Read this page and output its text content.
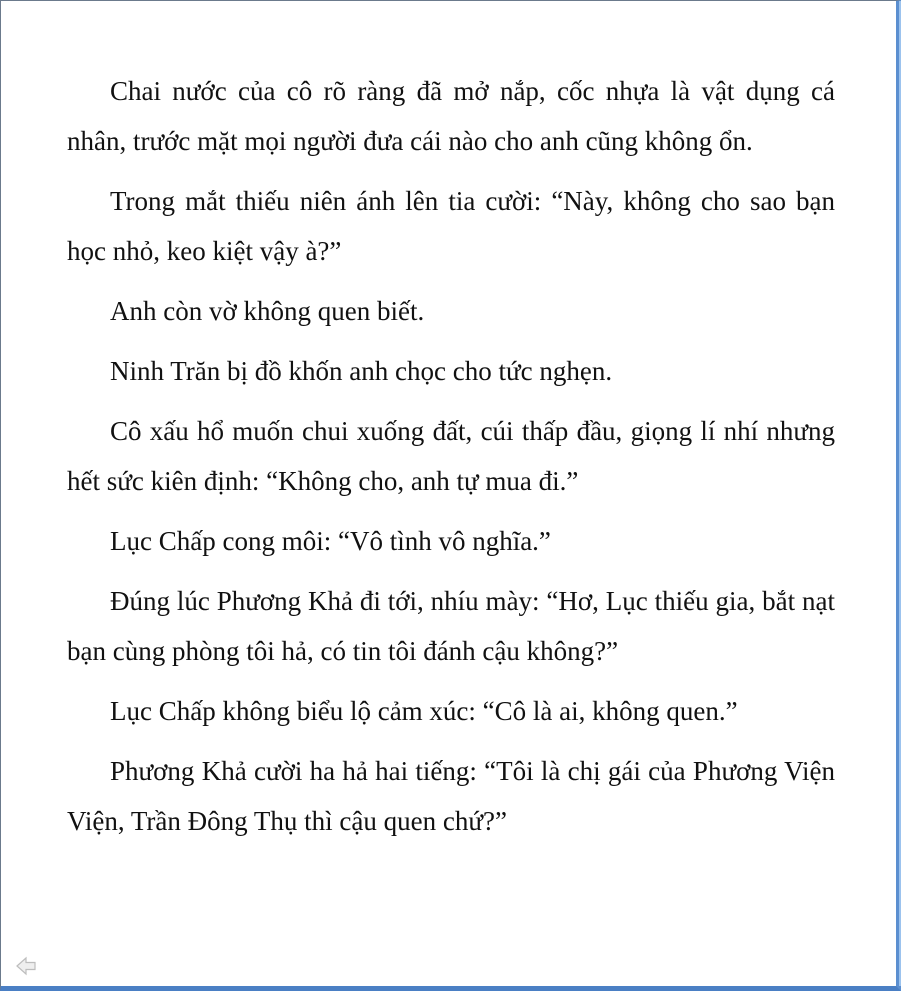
Chai nước của cô rõ ràng đã mở nắp, cốc nhựa là vật dụng cá nhân, trước mặt mọi người đưa cái nào cho anh cũng không ổn.

Trong mắt thiếu niên ánh lên tia cười: “Này, không cho sao bạn học nhỏ, keo kiệt vậy à?”

Anh còn vờ không quen biết.

Ninh Trăn bị đồ khốn anh chọc cho tức nghẹn.

Cô xấu hổ muốn chui xuống đất, cúi thấp đầu, giọng lí nhí nhưng hết sức kiên định: “Không cho, anh tự mua đi.”

Lục Chấp cong môi: “Vô tình vô nghĩa.”

Đúng lúc Phương Khả đi tới, nhíu mày: “Hơ, Lục thiếu gia, bắt nạt bạn cùng phòng tôi hả, có tin tôi đánh cậu không?”

Lục Chấp không biểu lộ cảm xúc: “Cô là ai, không quen.”

Phương Khả cười ha hả hai tiếng: “Tôi là chị gái của Phương Viện Viện, Trần Đông Thụ thì cậu quen chứ?”
